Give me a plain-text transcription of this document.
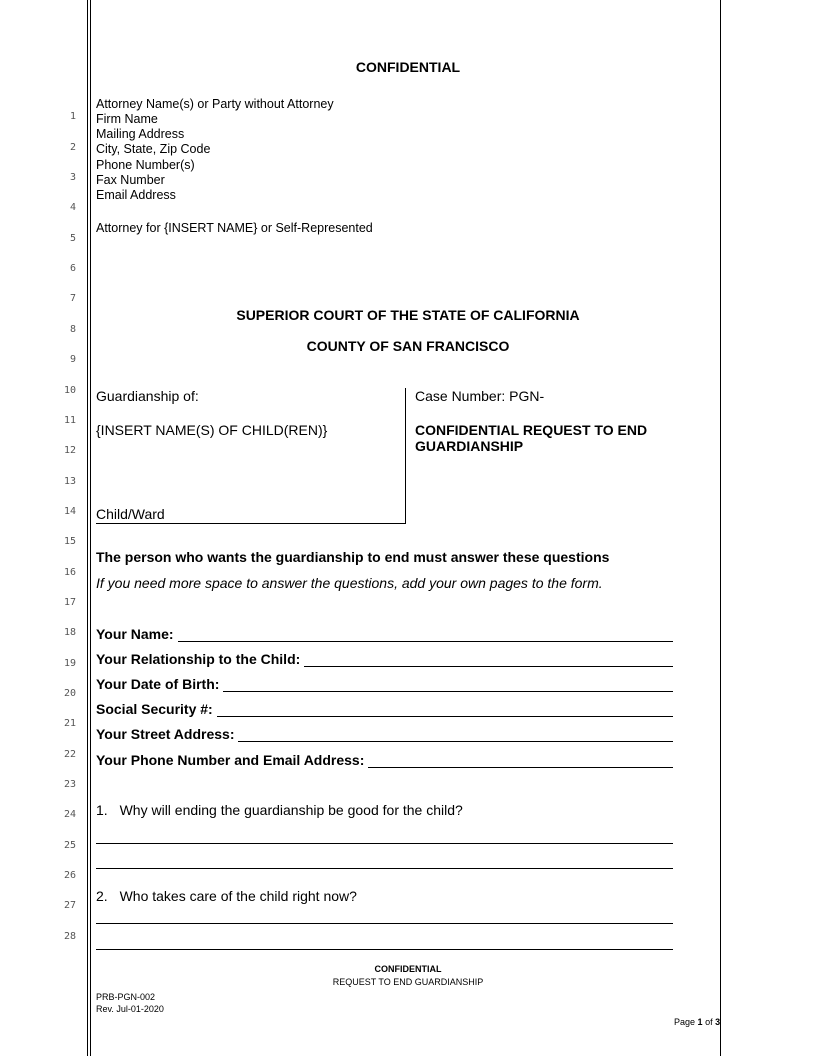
1
2
3
4
5
6
7
8
9
10
11
12
13
14
15
16
17
18
19
20
21
22
23
24
25
26
27
28
CONFIDENTIAL
Attorney Name(s) or Party without Attorney
Firm Name
Mailing Address
City, State, Zip Code
Phone Number(s)
Fax Number
Email Address
Attorney for {INSERT NAME} or Self-Represented
SUPERIOR COURT OF THE STATE OF CALIFORNIA
COUNTY OF SAN FRANCISCO
Guardianship of:
{INSERT NAME(S) OF CHILD(REN)}
Child/Ward
Case Number: PGN-
CONFIDENTIAL REQUEST TO END GUARDIANSHIP
The person who wants the guardianship to end must answer these questions
If you need more space to answer the questions, add your own pages to the form.
Your Name:
Your Relationship to the Child:
Your Date of Birth:
Social Security #:
Your Street Address:
Your Phone Number and Email Address:
1. Why will ending the guardianship be good for the child?
2. Who takes care of the child right now?
CONFIDENTIAL
REQUEST TO END GUARDIANSHIP
PRB-PGN-002
Rev. Jul-01-2020
Page 1 of 3
